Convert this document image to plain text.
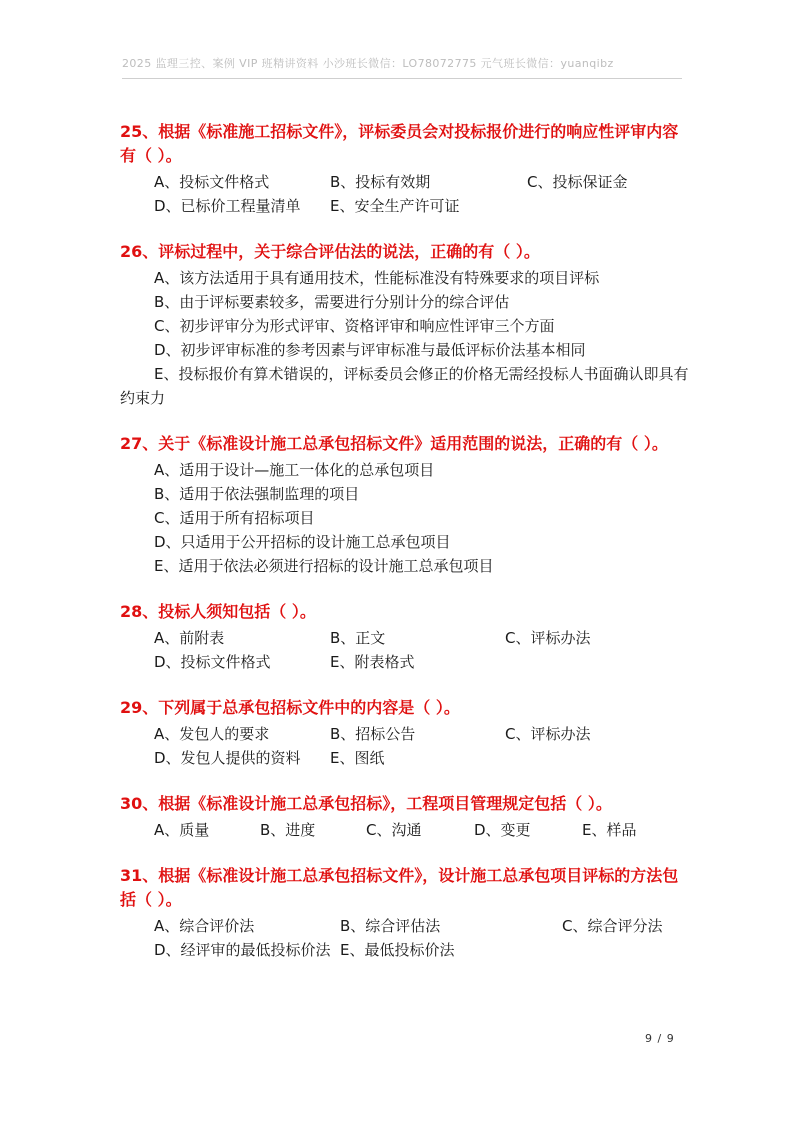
2025 监理三控、案例 VIP 班精讲资料 小沙班长微信：LO78072775 元气班长微信：yuanqibz
25、根据《标准施工招标文件》，评标委员会对投标报价进行的响应性评审内容有（ ）。
A、投标文件格式	B、投标有效期	C、投标保证金
D、已标价工程量清单	E、安全生产许可证
26、评标过程中，关于综合评估法的说法，正确的有（ ）。
A、该方法适用于具有通用技术，性能标准没有特殊要求的项目评标
B、由于评标要素较多，需要进行分别计分的综合评估
C、初步评审分为形式评审、资格评审和响应性评审三个方面
D、初步评审标准的参考因素与评审标准与最低评标价法基本相同
E、投标报价有算术错误的，评标委员会修正的价格无需经投标人书面确认即具有约束力
27、关于《标准设计施工总承包招标文件》适用范围的说法，正确的有（ ）。
A、适用于设计—施工一体化的总承包项目
B、适用于依法强制监理的项目
C、适用于所有招标项目
D、只适用于公开招标的设计施工总承包项目
E、适用于依法必须进行招标的设计施工总承包项目
28、投标人须知包括（ ）。
A、前附表	B、正文	C、评标办法
D、投标文件格式	E、附表格式
29、下列属于总承包招标文件中的内容是（ ）。
A、发包人的要求	B、招标公告	C、评标办法
D、发包人提供的资料	E、图纸
30、根据《标准设计施工总承包招标》，工程项目管理规定包括（ ）。
A、质量	B、进度	C、沟通	D、变更	E、样品
31、根据《标准设计施工总承包招标文件》，设计施工总承包项目评标的方法包括（ ）。
A、综合评价法	B、综合评估法	C、综合评分法
D、经评审的最低投标价法 E、最低投标价法
9 / 9
